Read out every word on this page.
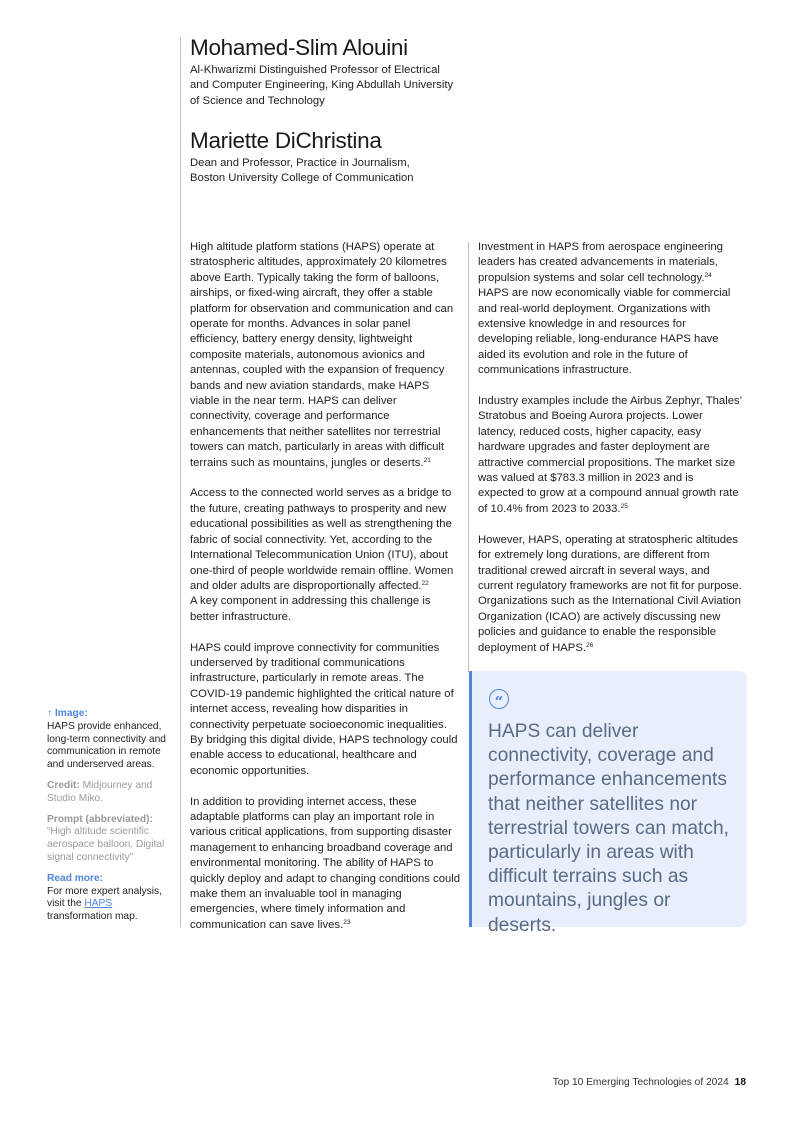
Mohamed-Slim Alouini
Al-Khwarizmi Distinguished Professor of Electrical
and Computer Engineering, King Abdullah University
of Science and Technology
Mariette DiChristina
Dean and Professor, Practice in Journalism,
Boston University College of Communication

High altitude platform stations (HAPS) operate at stratospheric altitudes, approximately 20 kilometres above Earth. Typically taking the form of balloons, airships, or fixed-wing aircraft, they offer a stable platform for observation and communication and can operate for months. Advances in solar panel efficiency, battery energy density, lightweight composite materials, autonomous avionics and antennas, coupled with the expansion of frequency bands and new aviation standards, make HAPS viable in the near term. HAPS can deliver connectivity, coverage and performance enhancements that neither satellites nor terrestrial towers can match, particularly in areas with difficult terrains such as mountains, jungles or deserts.$^{21}$

Access to the connected world serves as a bridge to the future, creating pathways to prosperity and new educational possibilities as well as strengthening the fabric of social connectivity. Yet, according to the International Telecommunication Union (ITU), about one-third of people worldwide remain offline. Women and older adults are disproportionally affected.$^{22}$
A key component in addressing this challenge is better infrastructure.

HAPS could improve connectivity for communities underserved by traditional communications infrastructure, particularly in remote areas. The COVID-19 pandemic highlighted the critical nature of internet access, revealing how disparities in connectivity perpetuate socioeconomic inequalities. By bridging this digital divide, HAPS technology could enable access to educational, healthcare and economic opportunities.

In addition to providing internet access, these adaptable platforms can play an important role in various critical applications, from supporting disaster management to enhancing broadband coverage and environmental monitoring. The ability of HAPS to quickly deploy and adapt to changing conditions could make them an invaluable tool in managing emergencies, where timely information and communication can save lives.$^{23}$

Investment in HAPS from aerospace engineering leaders has created advancements in materials, propulsion systems and solar cell technology.$^{24}$ HAPS are now economically viable for commercial and real-world deployment. Organizations with extensive knowledge in and resources for developing reliable, long-endurance HAPS have aided its evolution and role in the future of communications infrastructure.

Industry examples include the Airbus Zephyr, Thales’ Stratobus and Boeing Aurora projects. Lower latency, reduced costs, higher capacity, easy hardware upgrades and faster deployment are attractive commercial propositions. The market size was valued at $783.3 million in 2023 and is expected to grow at a compound annual growth rate of 10.4% from 2023 to 2033.25

However, HAPS, operating at stratospheric altitudes for extremely long durations, are different from traditional crewed aircraft in several ways, and current regulatory frameworks are not fit for purpose. Organizations such as the International Civil Aviation Organization (ICAO) are actively discussing new policies and guidance to enable the responsible deployment of HAPS.$^{26}$

“
HAPS can deliver connectivity, coverage and performance enhancements that neither satellites nor terrestrial towers can match, particularly in areas with difficult terrains such as mountains, jungles or deserts.
↑ Image:
HAPS provide enhanced, long-term connectivity and communication in remote and underserved areas.
Credit: Midjourney and Studio Miko.
Prompt (abbreviated):
“High altitude scientific aerospace balloon. Digital signal connectivity”
Read more:
For more expert analysis, visit the HAPS transformation map.
Top 10 Emerging Technologies of 2024 18
